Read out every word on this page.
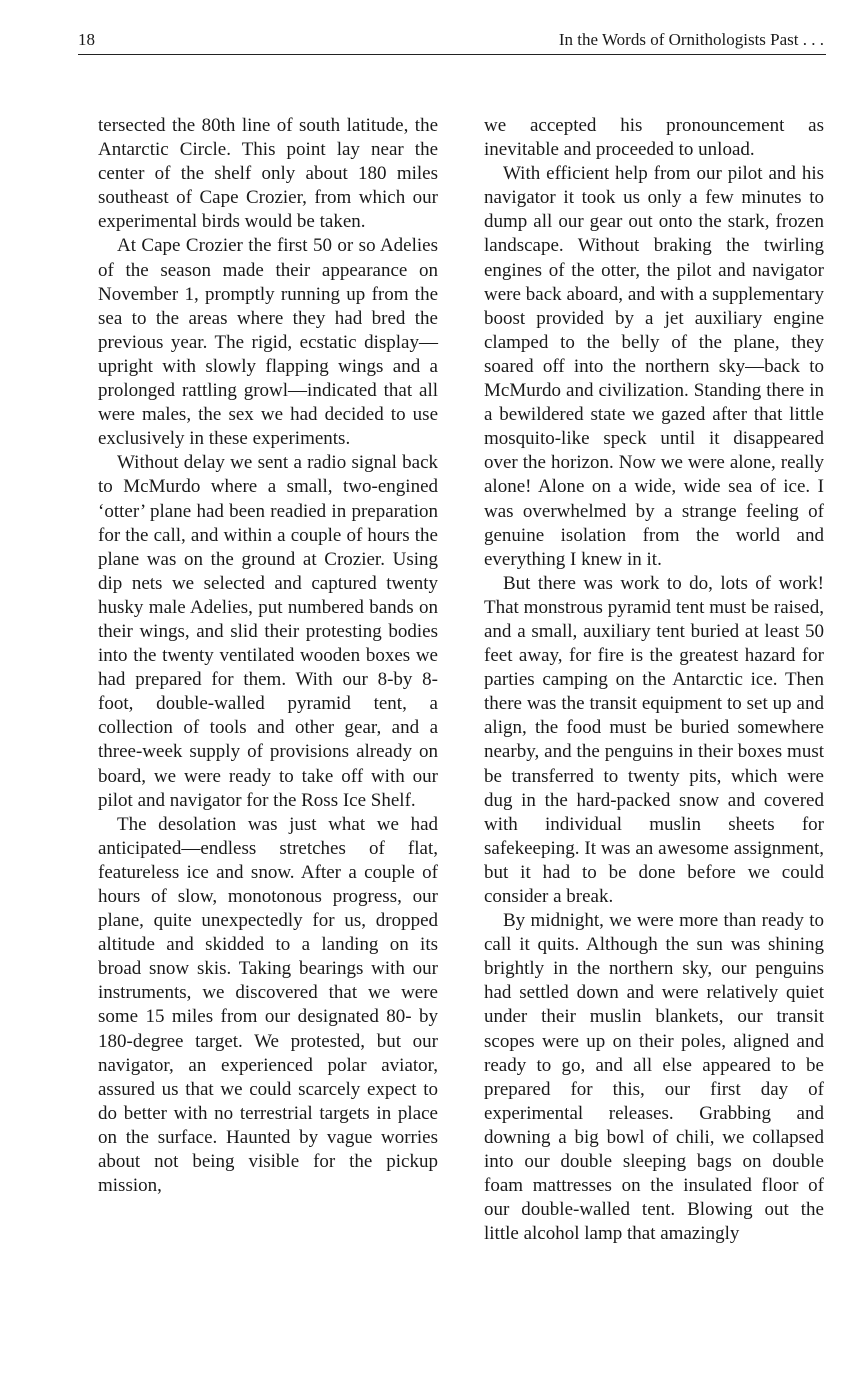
18	In the Words of Ornithologists Past . . .

tersected the 80th line of south latitude, the Antarctic Circle. This point lay near the center of the shelf only about 180 miles southeast of Cape Crozier, from which our experimental birds would be taken.

At Cape Crozier the first 50 or so Adelies of the season made their appearance on November 1, promptly running up from the sea to the areas where they had bred the previous year. The rigid, ecstatic display—upright with slowly flapping wings and a prolonged rattling growl—indicated that all were males, the sex we had decided to use exclusively in these experiments.

Without delay we sent a radio signal back to McMurdo where a small, two-engined ‘otter’ plane had been readied in preparation for the call, and within a couple of hours the plane was on the ground at Crozier. Using dip nets we selected and captured twenty husky male Adelies, put numbered bands on their wings, and slid their protesting bodies into the twenty ventilated wooden boxes we had prepared for them. With our 8-by 8-foot, double-walled pyramid tent, a collection of tools and other gear, and a three-week supply of provisions already on board, we were ready to take off with our pilot and navigator for the Ross Ice Shelf.

The desolation was just what we had anticipated—endless stretches of flat, featureless ice and snow. After a couple of hours of slow, monotonous progress, our plane, quite unexpectedly for us, dropped altitude and skidded to a landing on its broad snow skis. Taking bearings with our instruments, we discovered that we were some 15 miles from our designated 80- by 180-degree target. We protested, but our navigator, an experienced polar aviator, assured us that we could scarcely expect to do better with no terrestrial targets in place on the surface. Haunted by vague worries about not being visible for the pickup mission,

we accepted his pronouncement as inevitable and proceeded to unload.

With efficient help from our pilot and his navigator it took us only a few minutes to dump all our gear out onto the stark, frozen landscape. Without braking the twirling engines of the otter, the pilot and navigator were back aboard, and with a supplementary boost provided by a jet auxiliary engine clamped to the belly of the plane, they soared off into the northern sky—back to McMurdo and civilization. Standing there in a bewildered state we gazed after that little mosquito-like speck until it disappeared over the horizon. Now we were alone, really alone! Alone on a wide, wide sea of ice. I was overwhelmed by a strange feeling of genuine isolation from the world and everything I knew in it.

But there was work to do, lots of work! That monstrous pyramid tent must be raised, and a small, auxiliary tent buried at least 50 feet away, for fire is the greatest hazard for parties camping on the Antarctic ice. Then there was the transit equipment to set up and align, the food must be buried somewhere nearby, and the penguins in their boxes must be transferred to twenty pits, which were dug in the hard-packed snow and covered with individual muslin sheets for safekeeping. It was an awesome assignment, but it had to be done before we could consider a break.

By midnight, we were more than ready to call it quits. Although the sun was shining brightly in the northern sky, our penguins had settled down and were relatively quiet under their muslin blankets, our transit scopes were up on their poles, aligned and ready to go, and all else appeared to be prepared for this, our first day of experimental releases. Grabbing and downing a big bowl of chili, we collapsed into our double sleeping bags on double foam mattresses on the insulated floor of our double-walled tent. Blowing out the little alcohol lamp that amazingly
